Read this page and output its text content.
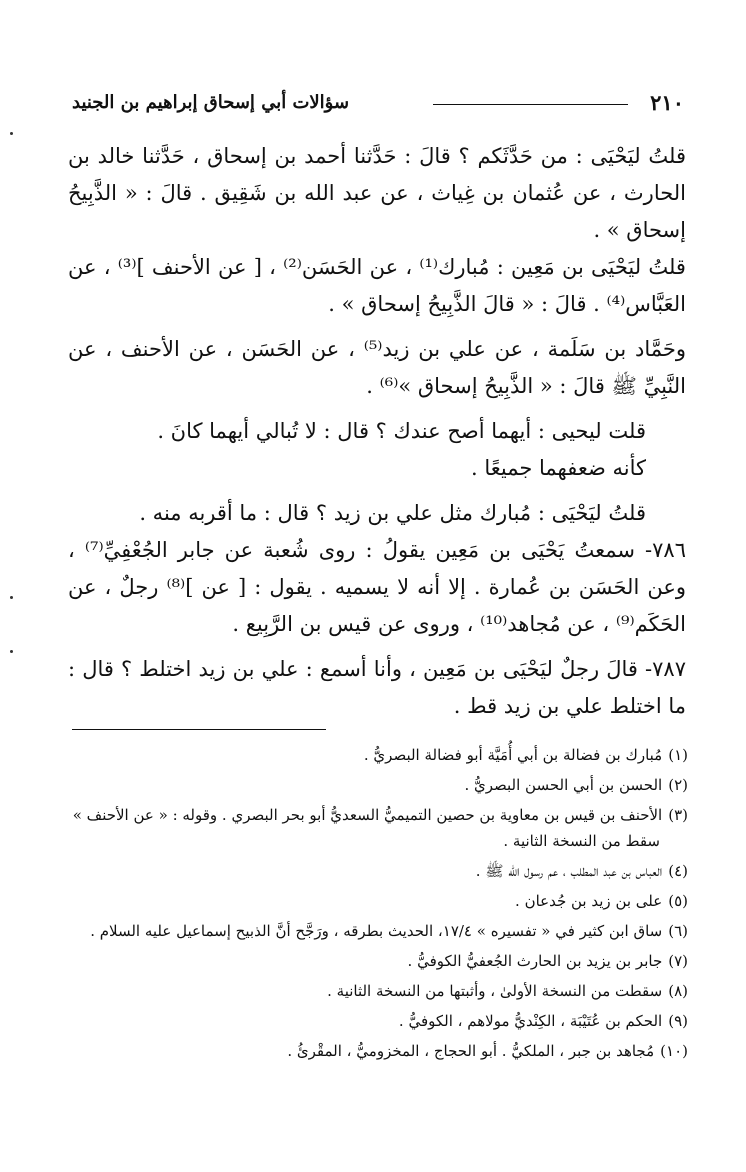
٢١٠
سؤالات أبي إسحاق إبراهيم بن الجنيد

قلتُ ليَحْيَى : من حَدَّثَكم ؟ قالَ : حَدَّثنا أحمد بن إسحاق ، حَدَّثنا خالد بن الحارث ، عن عُثمان بن غِياث ، عن عبد الله بن شَقِيق . قالَ : « الذَّبِيحُ إسحاق » .

قلتُ ليَحْيَى بن مَعِين : مُبارك⁽¹⁾ ، عن الحَسَن⁽²⁾ ، [ عن الأحنف ]⁽³⁾ ، عن العَبَّاس⁽⁴⁾ . قالَ : « قالَ الذَّبِيحُ إسحاق » .

وحَمَّاد بن سَلَمة ، عن علي بن زيد⁽⁵⁾ ، عن الحَسَن ، عن الأحنف ، عن النَّبِيِّ ﷺ قالَ : « الذَّبِيحُ إسحاق »⁽⁶⁾ .

قلت ليحيى : أيهما أصح عندك ؟ قال : لا تُبالي أيهما كانَ .

كأنه ضعفهما جميعًا .

قلتُ ليَحْيَى : مُبارك مثل علي بن زيد ؟ قال : ما أقربه منه .

٧٨٦- سمعتُ يَحْيَى بن مَعِين يقولُ : روى شُعبة عن جابر الجُعْفِيِّ⁽⁷⁾ ، وعن الحَسَن بن عُمارة . إلا أنه لا يسميه . يقول : [ عن ]⁽⁸⁾ رجلٌ ، عن الحَكَم⁽⁹⁾ ، عن مُجاهد⁽¹⁰⁾ ، وروى عن قيس بن الرَّبِيع .

٧٨٧- قالَ رجلٌ ليَحْيَى بن مَعِين ، وأنا أسمع : علي بن زيد اختلط ؟ قال : ما اختلط علي بن زيد قط .

(١)مُبارك بن فضالة بن أبي أُمَيَّة أبو فضالة البصريُّ .

(٢)الحسن بن أبي الحسن البصريُّ .

(٣)الأحنف بن قيس بن معاوية بن حصين التميميُّ السعديُّ أبو بحر البصري . وقوله : « عن الأحنف »

سقط من النسخة الثانية .

(٤)العباس بن عبد المطلب ، عم رسول الله ﷺ .

(٥)على بن زيد بن جُدعان .

(٦)ساق ابن كثير في « تفسيره » ١٧/٤، الحديث بطرقه ، ورَجَّح أنَّ الذبيح إسماعيل عليه السلام .

(٧)جابر بن يزيد بن الحارث الجُعفيُّ الكوفيُّ .

(٨)سقطت من النسخة الأولىٰ ، وأثبتها من النسخة الثانية .

(٩)الحكم بن عُتَيْبَة ، الكِنْديُّ مولاهم ، الكوفيُّ .

(١٠)مُجاهد بن جبر ، الملكيُّ . أبو الحجاج ، المخزوميُّ ، المقْرئُ .
